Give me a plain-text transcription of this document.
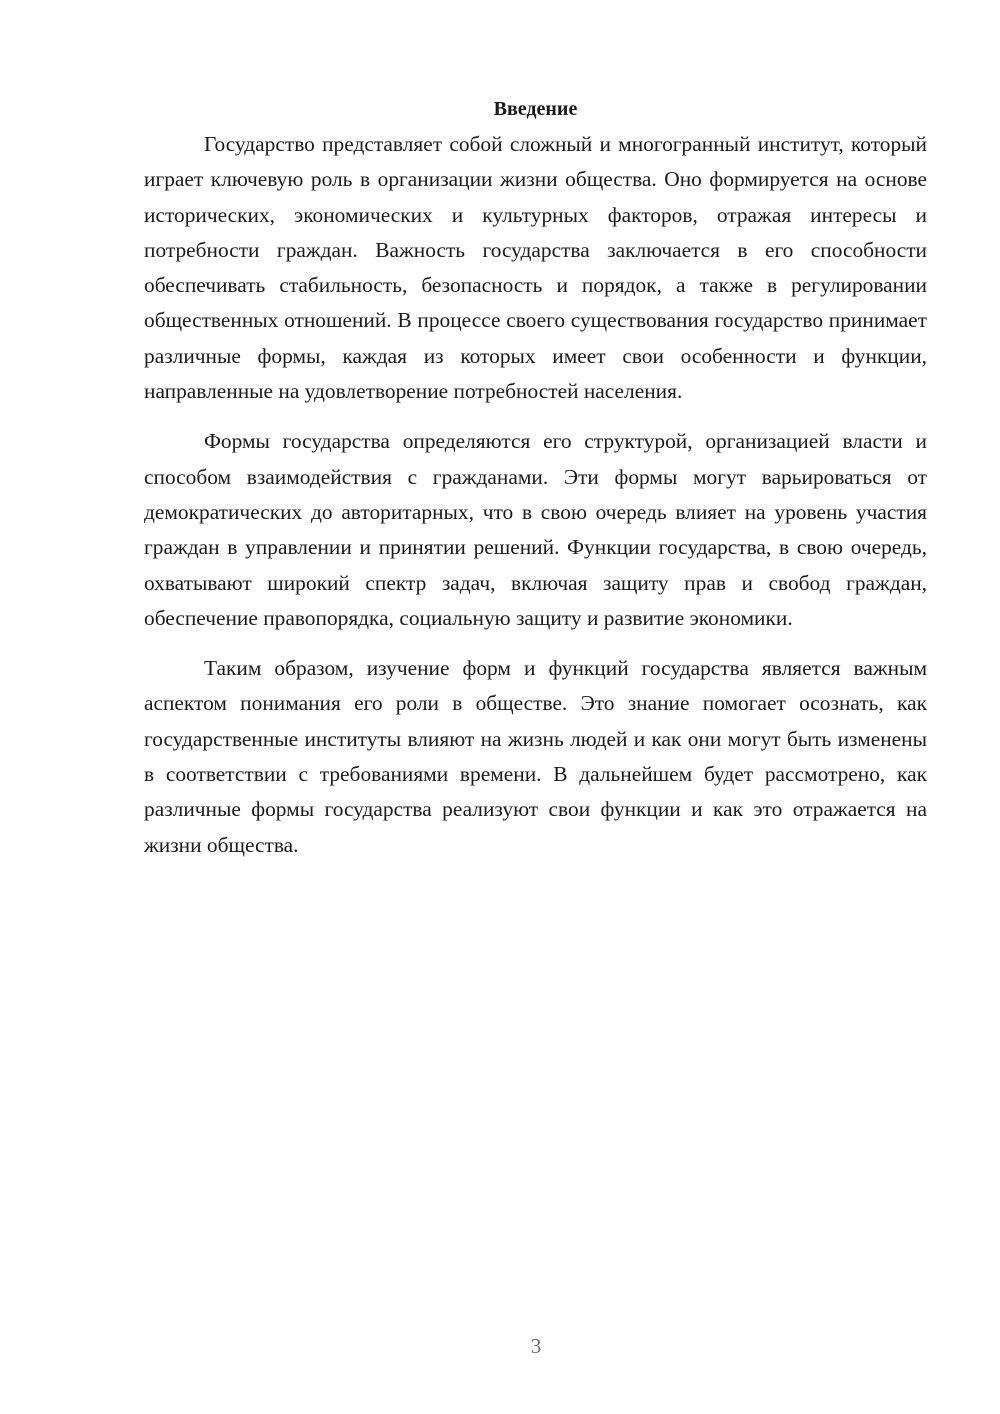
Введение

Государство представляет собой сложный и многогранный институт, который играет ключевую роль в организации жизни общества. Оно формируется на основе исторических, экономических и культурных факторов, отражая интересы и потребности граждан. Важность государства заключается в его способности обеспечивать стабильность, безопасность и порядок, а также в регулировании общественных отношений. В процессе своего существования государство принимает различные формы, каждая из которых имеет свои особенности и функции, направленные на удовлетворение потребностей населения.

Формы государства определяются его структурой, организацией власти и способом взаимодействия с гражданами. Эти формы могут варьироваться от демократических до авторитарных, что в свою очередь влияет на уровень участия граждан в управлении и принятии решений. Функции государства, в свою очередь, охватывают широкий спектр задач, включая защиту прав и свобод граждан, обеспечение правопорядка, социальную защиту и развитие экономики.

Таким образом, изучение форм и функций государства является важным аспектом понимания его роли в обществе. Это знание помогает осознать, как государственные институты влияют на жизнь людей и как они могут быть изменены в соответствии с требованиями времени. В дальнейшем будет рассмотрено, как различные формы государства реализуют свои функции и как это отражается на жизни общества.

3
